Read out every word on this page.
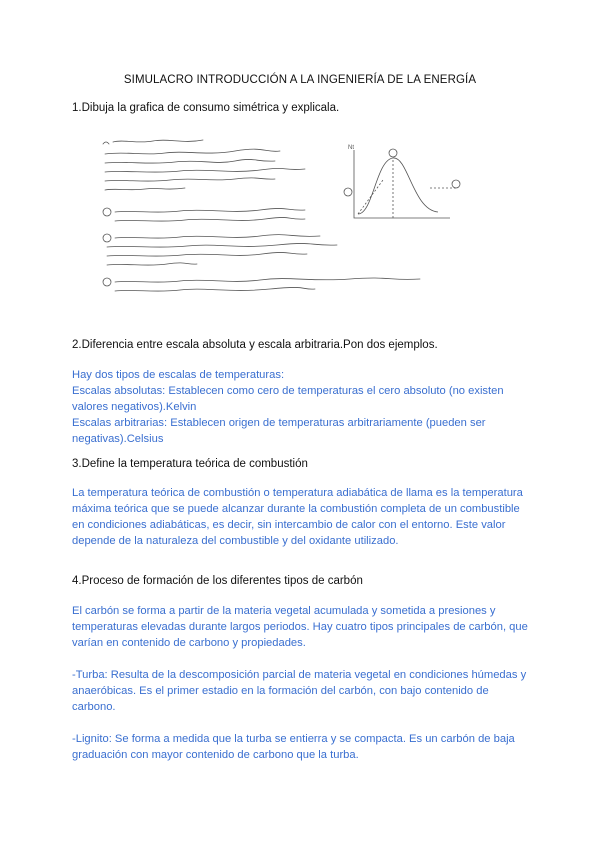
SIMULACRO INTRODUCCIÓN A LA INGENIERÍA DE LA ENERGÍA
1.Dibuja la grafica de consumo simétrica y explicala.
Nt
2.Diferencia entre escala absoluta y escala arbitraria.Pon dos ejemplos.

Hay dos tipos de escalas de temperaturas:

Escalas absolutas: Establecen como cero de temperaturas el cero absoluto (no existen valores negativos).Kelvin

Escalas arbitrarias: Establecen origen de temperaturas arbitrariamente (pueden ser negativas).Celsius

3.Define la temperatura teórica de combustión

La temperatura teórica de combustión o temperatura adiabática de llama es la temperatura máxima teórica que se puede alcanzar durante la combustión completa de un combustible en condiciones adiabáticas, es decir, sin intercambio de calor con el entorno. Este valor depende de la naturaleza del combustible y del oxidante utilizado.

4.Proceso de formación de los diferentes tipos de carbón

El carbón se forma a partir de la materia vegetal acumulada y sometida a presiones y temperaturas elevadas durante largos periodos. Hay cuatro tipos principales de carbón, que varían en contenido de carbono y propiedades.

-Turba: Resulta de la descomposición parcial de materia vegetal en condiciones húmedas y anaeróbicas. Es el primer estadio en la formación del carbón, con bajo contenido de carbono.

-Lignito: Se forma a medida que la turba se entierra y se compacta. Es un carbón de baja graduación con mayor contenido de carbono que la turba.
